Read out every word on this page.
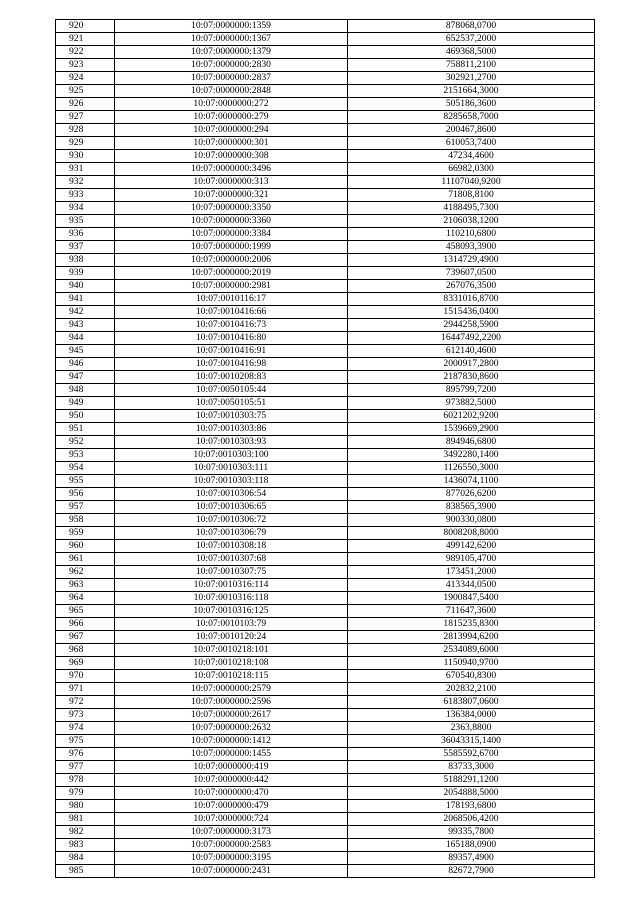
920	10:07:0000000:1359	878068,0700
921	10:07:0000000:1367	652537,2000
922	10:07:0000000:1379	469368,5000
923	10:07:0000000:2830	758811,2100
924	10:07:0000000:2837	302921,2700
925	10:07:0000000:2848	2151664,3000
926	10:07:0000000:272	505186,3600
927	10:07:0000000:279	8285658,7000
928	10:07:0000000:294	200467,8600
929	10:07:0000000:301	610053,7400
930	10:07:0000000:308	47234,4600
931	10:07:0000000:3496	66982,0300
932	10:07:0000000:313	11107040,9200
933	10:07:0000000:321	71808,8100
934	10:07:0000000:3350	4188495,7300
935	10:07:0000000:3360	2106038,1200
936	10:07:0000000:3384	110210,6800
937	10:07:0000000:1999	458093,3900
938	10:07:0000000:2006	1314729,4900
939	10:07:0000000:2019	739607,0500
940	10:07:0000000:2981	267076,3500
941	10:07:0010116:17	8331016,8700
942	10:07:0010416:66	1515436,0400
943	10:07:0010416:73	2944258,5900
944	10:07:0010416:80	16447492,2200
945	10:07:0010416:91	612140,4600
946	10:07:0010416:98	2000917,2800
947	10:07:0010208:83	2187830,8600
948	10:07:0050105:44	895799,7200
949	10:07:0050105:51	973882,5000
950	10:07:0010303:75	6021202,9200
951	10:07:0010303:86	1539669,2900
952	10:07:0010303:93	894946,6800
953	10:07:0010303:100	3492280,1400
954	10:07:0010303:111	1126550,3000
955	10:07:0010303:118	1436074,1100
956	10:07:0010306:54	877026,6200
957	10:07:0010306:65	838565,3900
958	10:07:0010306:72	900330,0800
959	10:07:0010306:79	8008208,8000
960	10:07:0010308:18	499142,6200
961	10:07:0010307:68	989105,4700
962	10:07:0010307:75	173451,2000
963	10:07:0010316:114	413344,0500
964	10:07:0010316:118	1900847,5400
965	10:07:0010316:125	711647,3600
966	10:07:0010103:79	1815235,8300
967	10:07:0010120:24	2813994,6200
968	10:07:0010218:101	2534089,6000
969	10:07:0010218:108	1150940,9700
970	10:07:0010218:115	670540,8300
971	10:07:0000000:2579	202832,2100
972	10:07:0000000:2596	6183807,0600
973	10:07:0000000:2617	136384,0000
974	10:07:0000000:2632	2363,8800
975	10:07:0000000:1412	36043315,1400
976	10:07:0000000:1455	5585592,6700
977	10:07:0000000:419	83733,3000
978	10:07:0000000:442	5188291,1200
979	10:07:0000000:470	2054888,5000
980	10:07:0000000:479	178193,6800
981	10:07:0000000:724	2068506,4200
982	10:07:0000000:3173	99335,7800
983	10:07:0000000:2583	165188,0900
984	10:07:0000000:3195	89357,4900
985	10:07:0000000:2431	82672,7900
